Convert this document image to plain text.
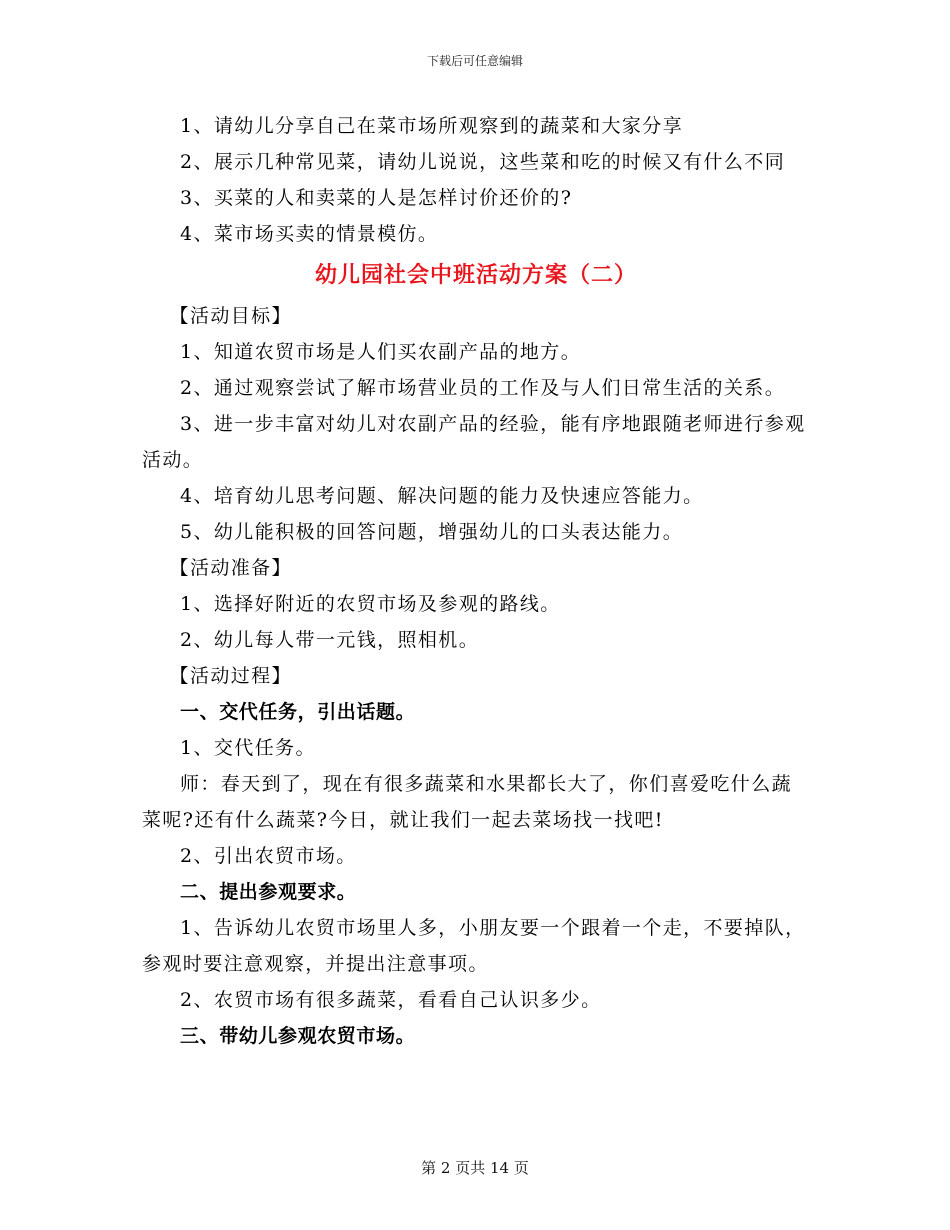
下载后可任意编辑

1、请幼儿分享自己在菜市场所观察到的蔬菜和大家分享

2、展示几种常见菜，请幼儿说说，这些菜和吃的时候又有什么不同

3、买菜的人和卖菜的人是怎样讨价还价的?

4、菜市场买卖的情景模仿。

幼儿园社会中班活动方案（二）

【活动目标】

1、知道农贸市场是人们买农副产品的地方。

2、通过观察尝试了解市场营业员的工作及与人们日常生活的关系。

3、进一步丰富对幼儿对农副产品的经验，能有序地跟随老师进行参观活动。

4、培育幼儿思考问题、解决问题的能力及快速应答能力。

5、幼儿能积极的回答问题，增强幼儿的口头表达能力。

【活动准备】

1、选择好附近的农贸市场及参观的路线。

2、幼儿每人带一元钱，照相机。

【活动过程】

一、交代任务，引出话题。

1、交代任务。

师：春天到了，现在有很多蔬菜和水果都长大了，你们喜爱吃什么蔬菜呢?还有什么蔬菜?今日，就让我们一起去菜场找一找吧!

2、引出农贸市场。

二、提出参观要求。

1、告诉幼儿农贸市场里人多，小朋友要一个跟着一个走，不要掉队，参观时要注意观察，并提出注意事项。

2、农贸市场有很多蔬菜，看看自己认识多少。

三、带幼儿参观农贸市场。

第 2 页共 14 页
